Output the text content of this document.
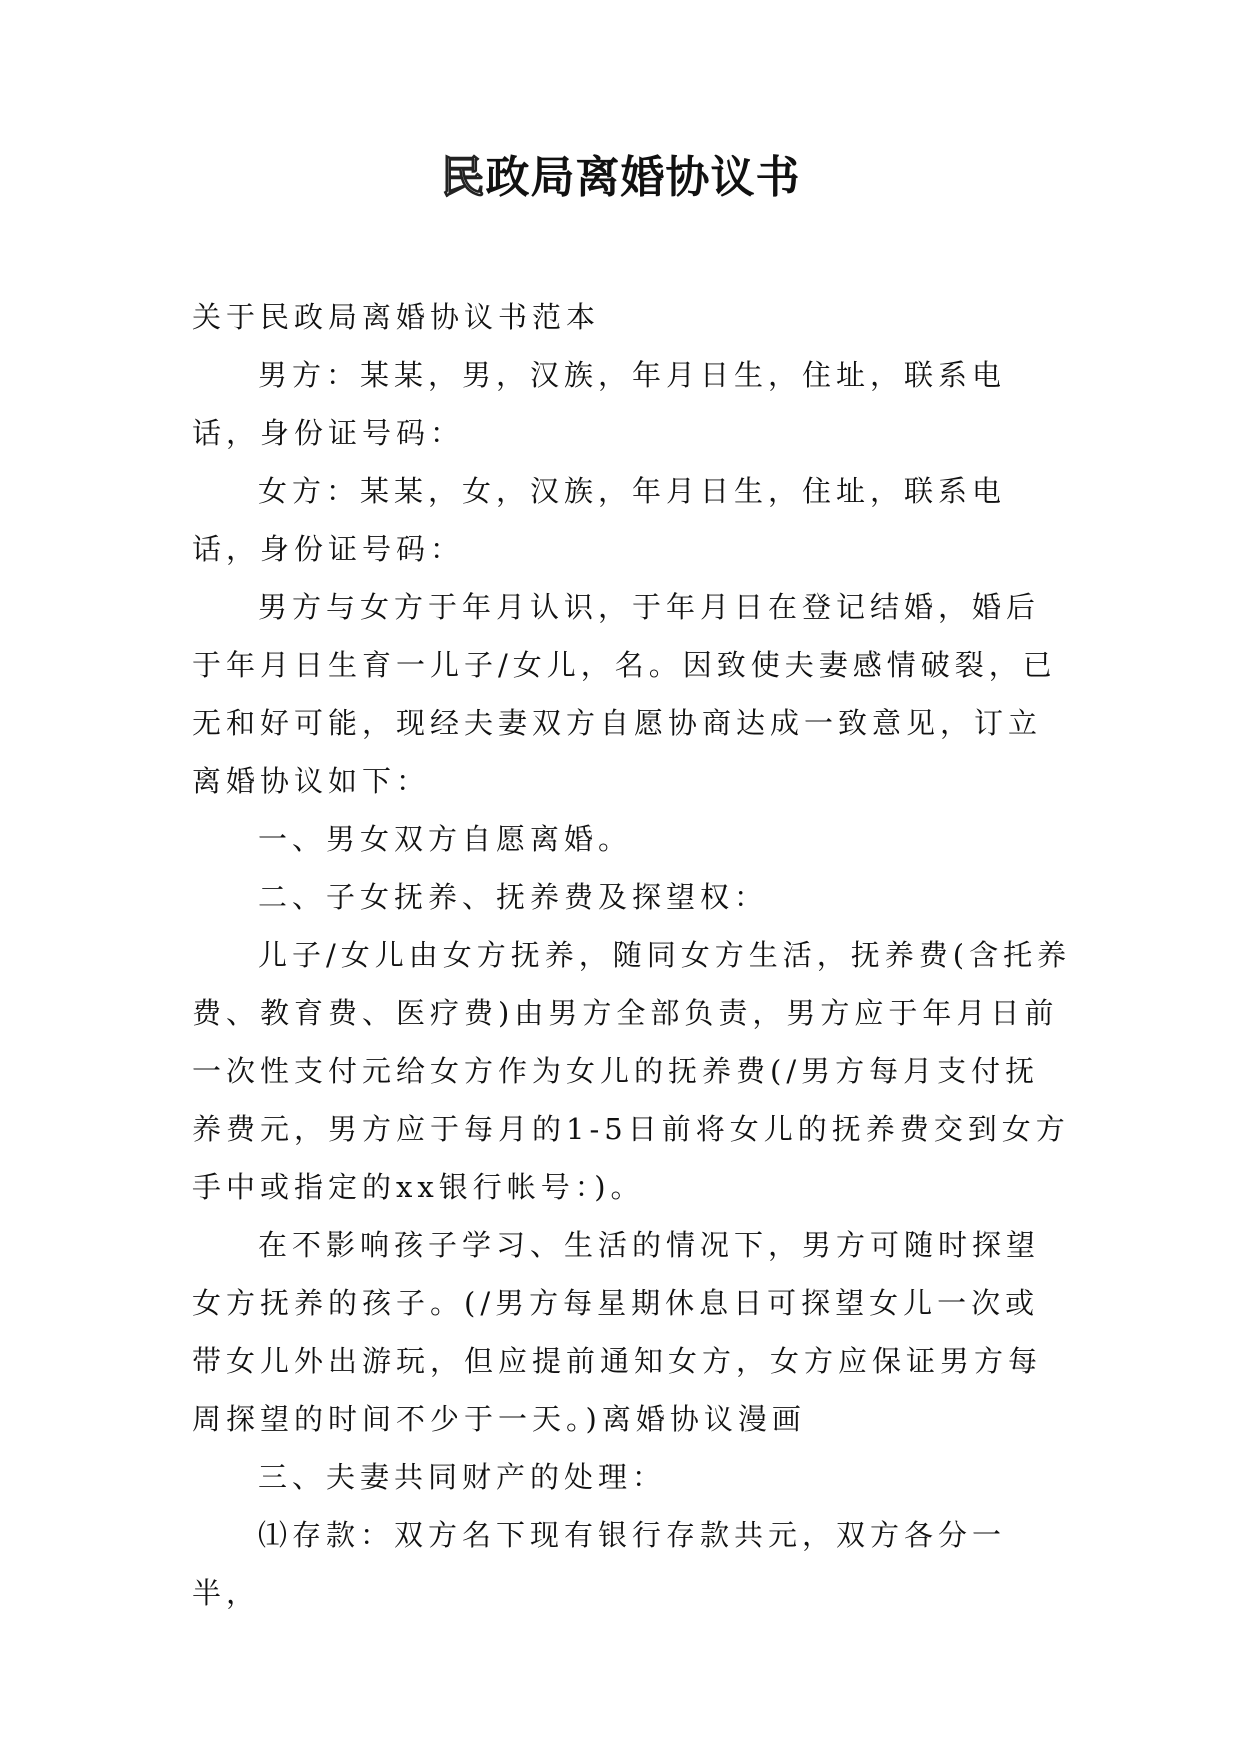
民政局离婚协议书

关于民政局离婚协议书范本

男方：某某，男，汉族，年月日生，住址，联系电话，身份证号码：

女方：某某，女，汉族，年月日生，住址，联系电话，身份证号码：

男方与女方于年月认识，于年月日在登记结婚，婚后于年月日生育一儿子/女儿，名。因致使夫妻感情破裂，已无和好可能，现经夫妻双方自愿协商达成一致意见，订立离婚协议如下：

一、男女双方自愿离婚。

二、子女抚养、抚养费及探望权：

儿子/女儿由女方抚养，随同女方生活，抚养费(含托养费、教育费、医疗费)由男方全部负责，男方应于年月日前一次性支付元给女方作为女儿的抚养费(/男方每月支付抚养费元，男方应于每月的1-5日前将女儿的抚养费交到女方手中或指定的xx银行帐号：)。

在不影响孩子学习、生活的情况下，男方可随时探望女方抚养的孩子。(/男方每星期休息日可探望女儿一次或带女儿外出游玩，但应提前通知女方，女方应保证男方每周探望的时间不少于一天。)离婚协议漫画

三、夫妻共同财产的处理：

⑴存款：双方名下现有银行存款共元，双方各分一半，
